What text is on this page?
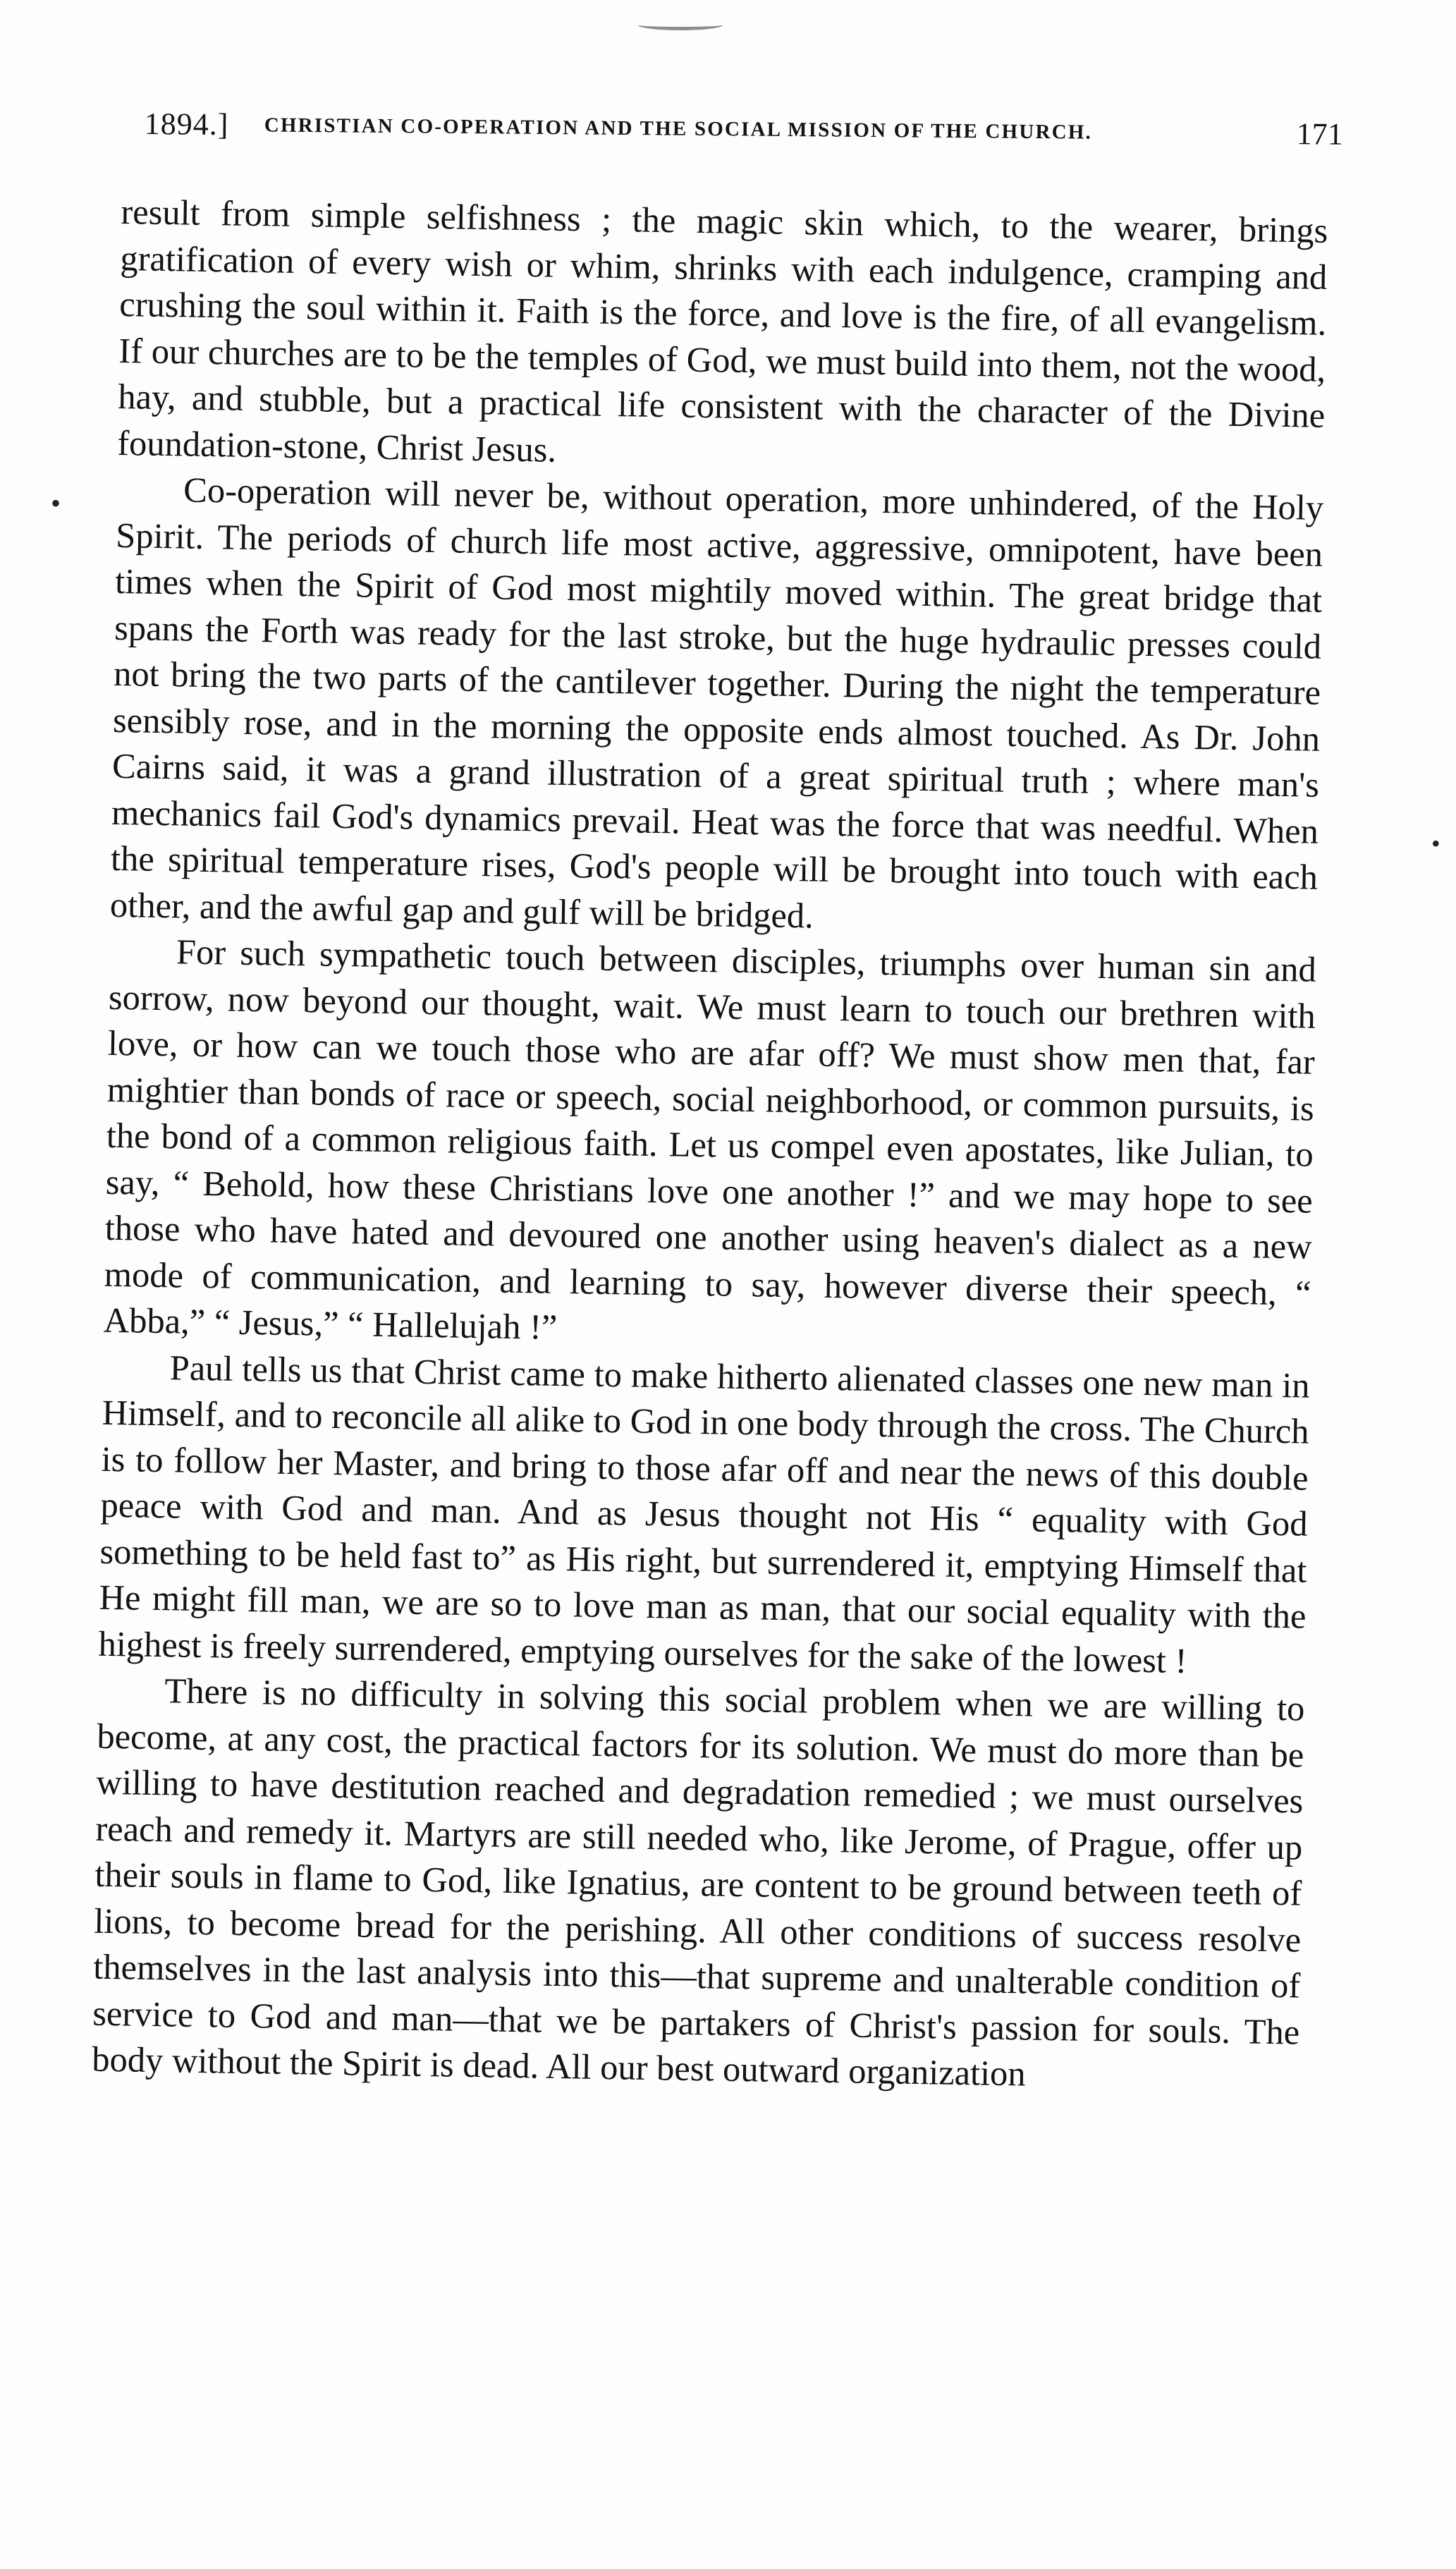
1894.] CHRISTIAN CO-OPERATION AND THE SOCIAL MISSION OF THE CHURCH.	171

result from simple selfishness ; the magic skin which, to the wearer, brings gratification of every wish or whim, shrinks with each indulgence, cramping and crushing the soul within it. Faith is the force, and love is the fire, of all evangelism. If our churches are to be the temples of God, we must build into them, not the wood, hay, and stubble, but a practical life consistent with the character of the Divine foundation-stone, Christ Jesus.

Co-operation will never be, without operation, more unhindered, of the Holy Spirit. The periods of church life most active, aggressive, omnipotent, have been times when the Spirit of God most mightily moved within. The great bridge that spans the Forth was ready for the last stroke, but the huge hydraulic presses could not bring the two parts of the cantilever together. During the night the temperature sensibly rose, and in the morning the opposite ends almost touched. As Dr. John Cairns said, it was a grand illustration of a great spiritual truth ; where man's mechanics fail God's dynamics prevail. Heat was the force that was needful. When the spiritual temperature rises, God's people will be brought into touch with each other, and the awful gap and gulf will be bridged.

For such sympathetic touch between disciples, triumphs over human sin and sorrow, now beyond our thought, wait. We must learn to touch our brethren with love, or how can we touch those who are afar off? We must show men that, far mightier than bonds of race or speech, social neighborhood, or common pursuits, is the bond of a common religious faith. Let us compel even apostates, like Julian, to say, “ Behold, how these Christians love one another !” and we may hope to see those who have hated and devoured one another using heaven's dialect as a new mode of communication, and learning to say, however diverse their speech, “ Abba,” “ Jesus,” “ Hallelujah !”

Paul tells us that Christ came to make hitherto alienated classes one new man in Himself, and to reconcile all alike to God in one body through the cross. The Church is to follow her Master, and bring to those afar off and near the news of this double peace with God and man. And as Jesus thought not His “ equality with God something to be held fast to” as His right, but surrendered it, emptying Himself that He might fill man, we are so to love man as man, that our social equality with the highest is freely surrendered, emptying ourselves for the sake of the lowest !

There is no difficulty in solving this social problem when we are willing to become, at any cost, the practical factors for its solution. We must do more than be willing to have destitution reached and degradation remedied ; we must ourselves reach and remedy it. Martyrs are still needed who, like Jerome, of Prague, offer up their souls in flame to God, like Ignatius, are content to be ground between teeth of lions, to become bread for the perishing. All other conditions of success resolve themselves in the last analysis into this—that supreme and unalterable condition of service to God and man—that we be partakers of Christ's passion for souls. The body without the Spirit is dead. All our best outward organization

•
•
